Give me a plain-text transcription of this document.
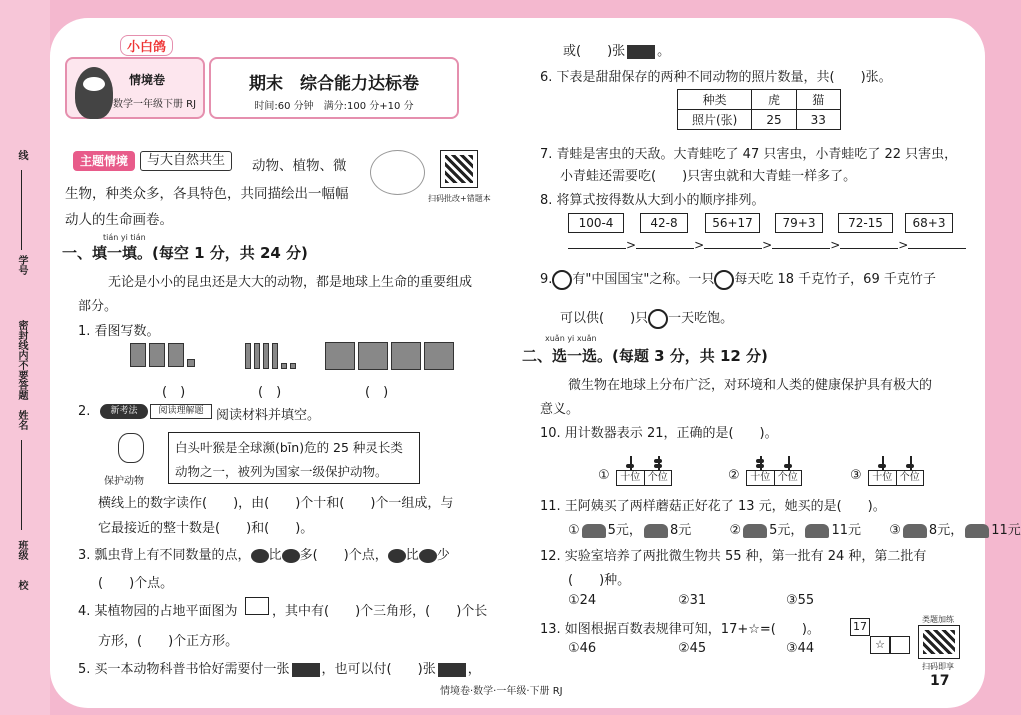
线
学号
密封线内不要答题
姓名
班级
校
情境卷
数学一年级下册 RJ
小白鸽
期末　综合能力达标卷
时间:60 分钟　满分:100 分+10 分
主题情境	与大自然共生	动物、植物、微
生物，种类众多，各具特色，共同描绘出一幅幅
动人的生命画卷。
扫码批改+错题本
tián yi tián
一、填一填。(每空 1 分，共 24 分)
无论是小小的昆虫还是大大的动物，都是地球上生命的重要组成
部分。
1. 看图写数。
(　)	(　)	(　)
2.	新考法	阅读理解题 阅读材料并填空。
保护动物
白头叶猴是全球濒(bīn)危的 25 种灵长类
动物之一，被列为国家一级保护动物。
横线上的数字读作(　　)，由(　　)个十和(　　)个一组成，与
它最接近的整十数是(　　)和(　　)。
3. 瓢虫背上有不同数量的点， 比 多(　　)个点， 比 少
(　　)个点。
4. 某植物园的占地平面图为	，其中有(　　)个三角形，(　　)个长
方形，(　　)个正方形。
5. 买一本动物科普书恰好需要付一张 ，也可以付(　　)张 ，
或(　　)张 。
6. 下表是甜甜保存的两种不同动物的照片数量，共(　　)张。
种类	虎	猫
照片(张)	25	33
7. 青蛙是害虫的天敌。大青蛙吃了 47 只害虫，小青蛙吃了 22 只害虫，
小青蛙还需要吃(　　)只害虫就和大青蛙一样多了。
8. 将算式按得数从大到小的顺序排列。
100-4	42-8	56+17	79+3	72-15	68+3
>	>	>	>	>
9. 有"中国国宝"之称。一只 每天吃 18 千克竹子，69 千克竹子
可以供(　　)只 一天吃饱。
xuǎn yi xuǎn
二、选一选。(每题 3 分，共 12 分)
微生物在地球上分布广泛，对环境和人类的健康保护具有极大的
意义。
10. 用计数器表示 21，正确的是(　　)。
①	十位 个位	②	十位 个位	③	十位 个位
11. 王阿姨买了两样蘑菇正好花了 13 元，她买的是(　　)。
① 5元， 8元	② 5元， 11元 ③ 8元， 11元
12. 实验室培养了两批微生物共 55 种，第一批有 24 种，第二批有
(　　)种。
①24	②31	③55
13. 如图根据百数表规律可知，17+☆=(　　)。
①46	②45	③44
17
☆
类题加练
扫码即享
情境卷·数学·一年级·下册 RJ
17
